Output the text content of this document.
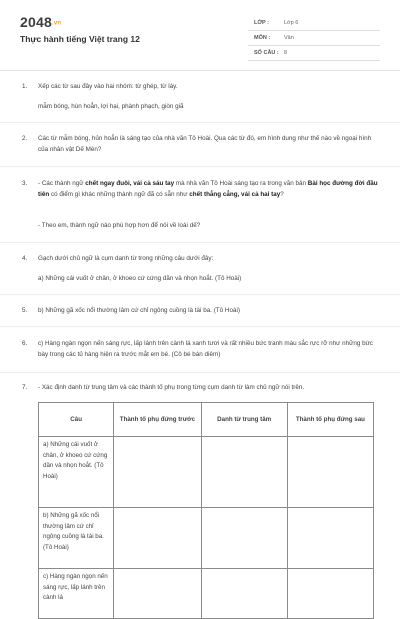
2048.vn
Thực hành tiếng Việt trang 12
LỚP :	Lớp 6
MÔN :	Văn
SỐ CÂU : 8
1. Xếp các từ sau đây vào hai nhóm: từ ghép, từ láy.
mẫm bóng, hùn hoẳn, lợi hại, phành phạch, giòn giã
2. Các từ mẫm bóng, hủn hoẳn là sáng tạo của nhà văn Tô Hoài. Qua các từ đó, em hình dung như thế nào về ngoại hình của nhân vật Dế Mèn?
3. - Các thành ngữ chết ngay đuôi, vái cả sáu tay mà nhà văn Tô Hoài sáng tạo ra trong văn bản Bài học đường đời đầu tiên có điểm gì khác những thành ngữ đã có sẵn như chết thẳng cẳng, vái cả hai tay?
- Theo em, thành ngữ nào phù hợp hơn để nói về loài dế?
4. Gạch dưới chủ ngữ là cụm danh từ trong những câu dưới đây:
a) Những cái vuốt ở chân, ở khoeo cứ cứng dần và nhọn hoắt. (Tô Hoài)
5. b) Những gã xốc nổi thường lâm cứ chỉ ngông cuồng là tài ba. (Tô Hoài)
6. c) Hàng ngàn ngọn nến sáng rực, lấp lánh trên cành lá xanh tươi và rất nhiều bức tranh màu sắc rực rỡ như những bức bày trong các tủ hàng hiện ra trước mắt em bé. (Cô bé bán diêm)
7. - Xác định danh từ trung tâm và các thành tố phụ trong từng cụm danh từ làm chủ ngữ nói trên.
Câu	Thành tố phụ đứng trước	Danh từ trung tâm	Thành tố phụ đứng sau
a) Những cái vuốt ở chân, ở khoeo cứ cứng dần và nhọn hoắt. (Tô Hoài)			
b) Những gã xốc nổi thường lâm cứ chỉ ngông cuồng là tài ba. (Tô Hoài)			
c) Hàng ngàn ngọn nến sáng rực, lấp lánh trên cành lá			
